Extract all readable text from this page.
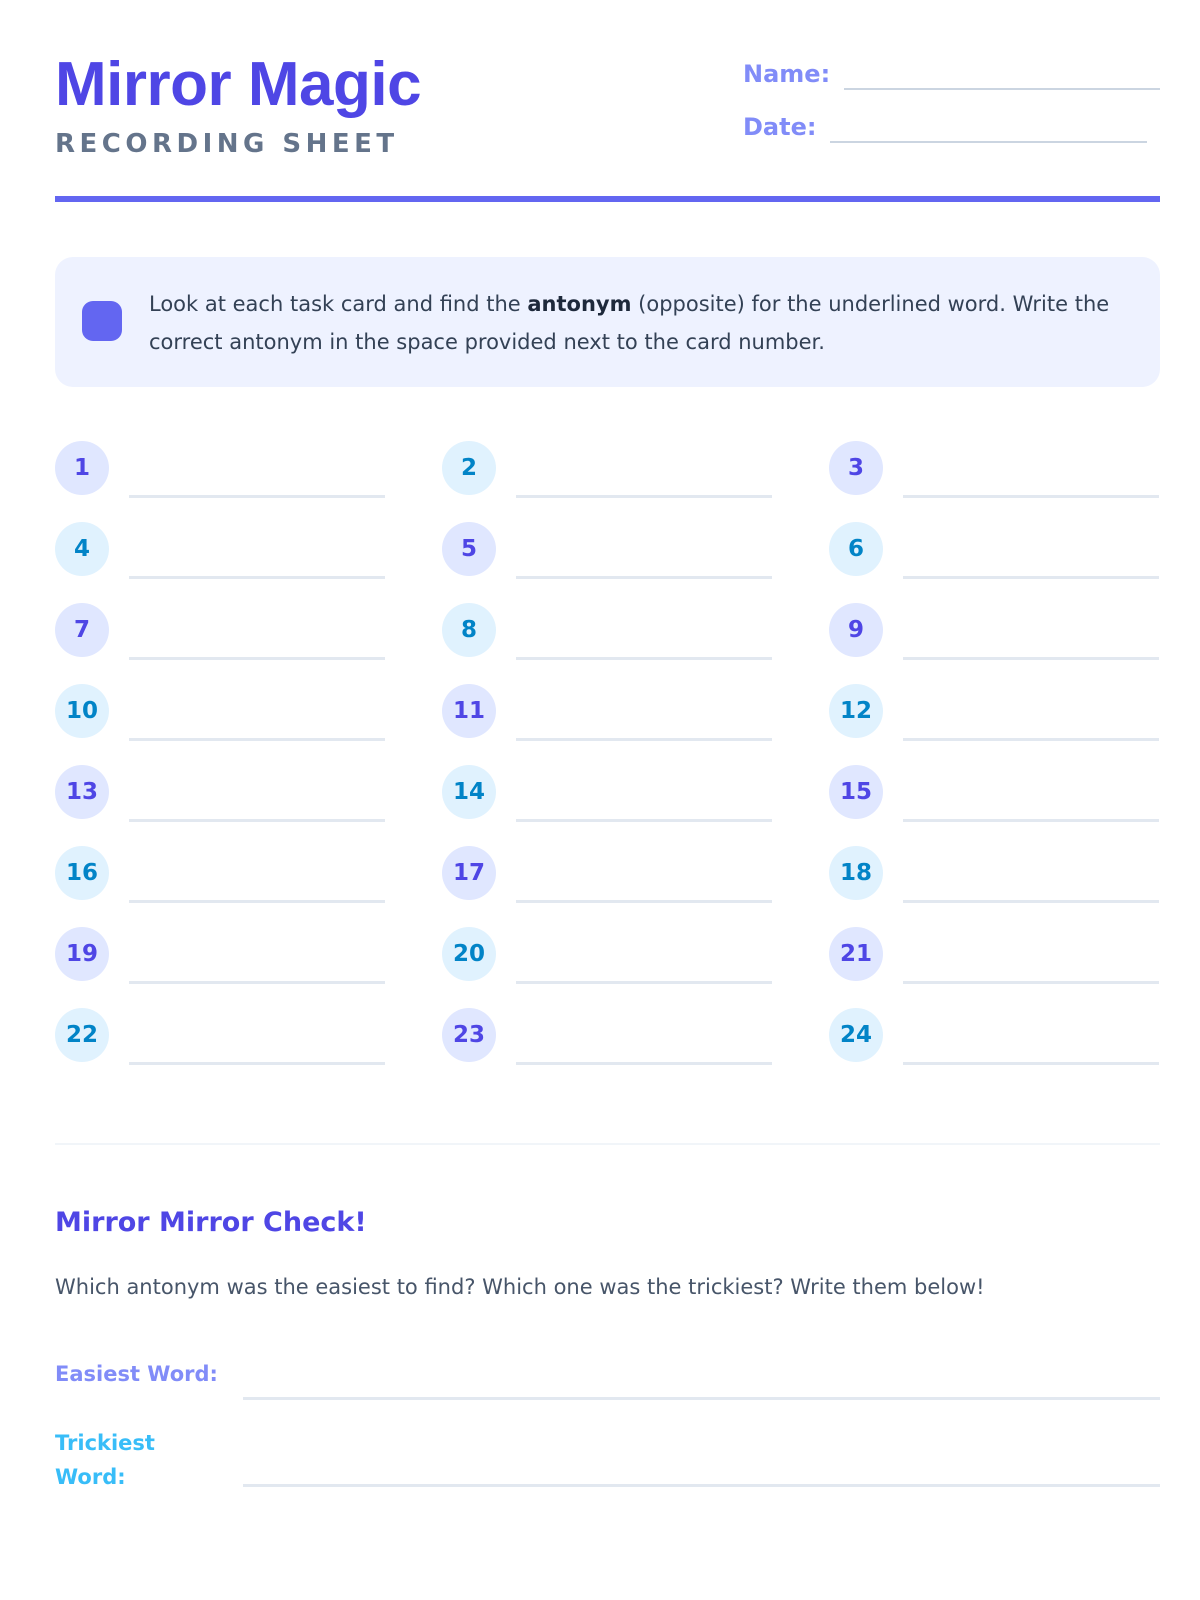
Mirror Magic
RECORDING SHEET
Name:
Date:

Look at each task card and find the antonym (opposite) for the underlined word. Write the correct antonym in the space provided next to the card number.

1	2	3
4	5	6
7	8	9
10	11	12
13	14	15
16	17	18
19	20	21
22	23	24
Mirror Mirror Check!

Which antonym was the easiest to find? Which one was the trickiest? Write them below!

Easiest Word:
Trickiest Word:
